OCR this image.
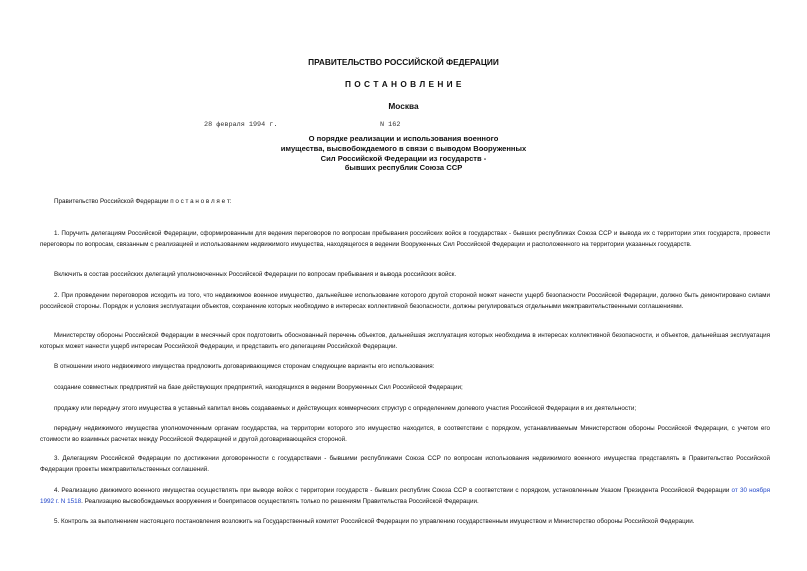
ПРАВИТЕЛЬСТВО РОССИЙСКОЙ ФЕДЕРАЦИИ
П О С Т А Н О В Л Е Н И Е
Москва
28 февраля 1994 г.	N 162
О порядке реализации и использования военного
имущества, высвобождаемого в связи с выводом Вооруженных
Сил Российской Федерации из государств -
бывших республик Союза ССР
Правительство Российской Федерации п о с т а н о в л я е т:
1. Поручить делегациям Российской Федерации, сформированным для ведения переговоров по вопросам пребывания российских войск в государствах - бывших республиках Союза ССР и вывода их с территории этих государств, провести переговоры по вопросам, связанным с реализацией и использованием недвижимого имущества, находящегося в ведении Вооруженных Сил Российской Федерации и расположенного на территории указанных государств.
Включить в состав российских делегаций уполномоченных Российской Федерации по вопросам пребывания и вывода российских войск.
2. При проведении переговоров исходить из того, что недвижимое военное имущество, дальнейшее использование которого другой стороной может нанести ущерб безопасности Российской Федерации, должно быть демонтировано силами российской стороны. Порядок и условия эксплуатации объектов, сохранение которых необходимо в интересах коллективной безопасности, должны регулироваться отдельными межправительственными соглашениями.
Министерству обороны Российской Федерации в месячный срок подготовить обоснованный перечень объектов, дальнейшая эксплуатация которых необходима в интересах коллективной безопасности, и объектов, дальнейшая эксплуатация которых может нанести ущерб интересам Российской Федерации, и представить его делегациям Российской Федерации.
В отношении иного недвижимого имущества предложить договаривающимся сторонам следующие варианты его использования:
создание совместных предприятий на базе действующих предприятий, находящихся в ведении Вооруженных Сил Российской Федерации;
продажу или передачу этого имущества в уставный капитал вновь создаваемых и действующих коммерческих структур с определением долевого участия Российской Федерации в их деятельности;
передачу недвижимого имущества уполномоченным органам государства, на территории которого это имущество находится, в соответствии с порядком, устанавливаемым Министерством обороны Российской Федерации, с учетом его стоимости во взаимных расчетах между Российской Федерацией и другой договаривающейся стороной.
3. Делегациям Российской Федерации по достижении договоренности с государствами - бывшими республиками Союза ССР по вопросам использования недвижимого военного имущества представлять в Правительство Российской Федерации проекты межправительственных соглашений.
4. Реализацию движимого военного имущества осуществлять при выводе войск с территории государств - бывших республик Союза ССР в соответствии с порядком, установленным Указом Президента Российской Федерации от 30 ноября 1992 г. N 1518. Реализацию высвобождаемых вооружения и боеприпасов осуществлять только по решениям Правительства Российской Федерации.
5. Контроль за выполнением настоящего постановления возложить на Государственный комитет Российской Федерации по управлению государственным имуществом и Министерство обороны Российской Федерации.
